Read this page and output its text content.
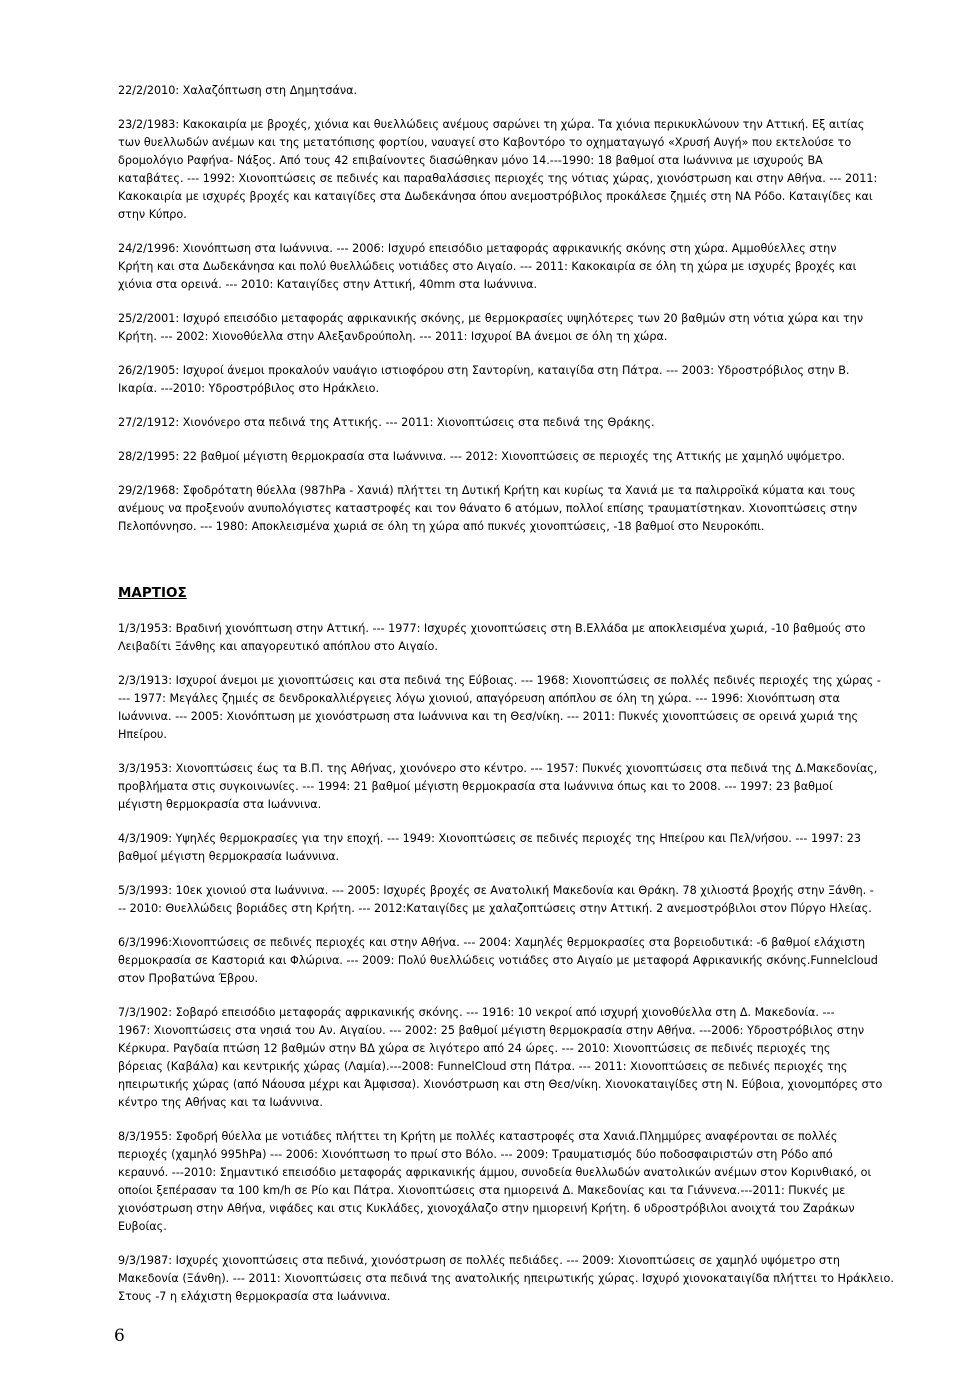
22/2/2010: Χαλαζόπτωση στη Δημητσάνα.
23/2/1983: Κακοκαιρία με βροχές, χιόνια και θυελλώδεις ανέμους σαρώνει τη χώρα. Τα χιόνια περικυκλώνουν την Αττική. Εξ αιτίας
των θυελλωδών ανέμων και της μετατόπισης φορτίου, ναυαγεί στο Καβοντόρο το οχηματαγωγό «Χρυσή Αυγή» που εκτελούσε το
δρομολόγιο Ραφήνα- Νάξος. Από τους 42 επιβαίνοντες διασώθηκαν μόνο 14.---1990: 18 βαθμοί στα Ιωάννινα με ισχυρούς ΒΑ
καταβάτες. --- 1992: Χιονοπτώσεις σε πεδινές και παραθαλάσσιες περιοχές της νότιας χώρας, χιονόστρωση και στην Αθήνα. --- 2011:
Κακοκαιρία με ισχυρές βροχές και καταιγίδες στα Δωδεκάνησα όπου ανεμοστρόβιλος προκάλεσε ζημιές στη ΝΑ Ρόδο. Καταιγίδες και
στην Κύπρο.
24/2/1996: Χιονόπτωση στα Ιωάννινα. --- 2006: Ισχυρό επεισόδιο μεταφοράς αφρικανικής σκόνης στη χώρα. Αμμοθύελλες στην
Κρήτη και στα Δωδεκάνησα και πολύ θυελλώδεις νοτιάδες στο Αιγαίο. --- 2011: Κακοκαιρία σε όλη τη χώρα με ισχυρές βροχές και
χιόνια στα ορεινά. --- 2010: Καταιγίδες στην Αττική, 40mm στα Ιωάννινα.
25/2/2001: Ισχυρό επεισόδιο μεταφοράς αφρικανικής σκόνης, με θερμοκρασίες υψηλότερες των 20 βαθμών στη νότια χώρα και την
Κρήτη. --- 2002: Χιονοθύελλα στην Αλεξανδρούπολη. --- 2011: Ισχυροί ΒΑ άνεμοι σε όλη τη χώρα.
26/2/1905: Ισχυροί άνεμοι προκαλούν ναυάγιο ιστιοφόρου στη Σαντορίνη, καταιγίδα στη Πάτρα. --- 2003: Υδροστρόβιλος στην Β.
Ικαρία. ---2010: Υδροστρόβιλος στο Ηράκλειο.
27/2/1912: Χιονόνερο στα πεδινά της Αττικής. --- 2011: Χιονοπτώσεις στα πεδινά της Θράκης.
28/2/1995: 22 βαθμοί μέγιστη θερμοκρασία στα Ιωάννινα. --- 2012: Χιονοπτώσεις σε περιοχές της Αττικής με χαμηλό υψόμετρο.
29/2/1968: Σφοδρότατη θύελλα (987hPa - Χανιά) πλήττει τη Δυτική Κρήτη και κυρίως τα Χανιά με τα παλιρροϊκά κύματα και τους
ανέμους να προξενούν ανυπολόγιστες καταστροφές και τον θάνατο 6 ατόμων, πολλοί επίσης τραυματίστηκαν. Χιονοπτώσεις στην
Πελοπόννησο. --- 1980: Αποκλεισμένα χωριά σε όλη τη χώρα από πυκνές χιονοπτώσεις, -18 βαθμοί στο Νευροκόπι.
ΜΑΡΤΙΟΣ
1/3/1953: Βραδινή χιονόπτωση στην Αττική. --- 1977: Ισχυρές χιονοπτώσεις στη Β.Ελλάδα με αποκλεισμένα χωριά, -10 βαθμούς στο
Λειβαδίτι Ξάνθης και απαγορευτικό απόπλου στο Αιγαίο.
2/3/1913: Ισχυροί άνεμοι με χιονοπτώσεις και στα πεδινά της Εύβοιας. --- 1968: Χιονοπτώσεις σε πολλές πεδινές περιοχές της χώρας -
--- 1977: Μεγάλες ζημιές σε δενδροκαλλιέργειες λόγω χιονιού, απαγόρευση απόπλου σε όλη τη χώρα. --- 1996: Χιονόπτωση στα
Ιωάννινα. --- 2005: Χιονόπτωση με χιονόστρωση στα Ιωάννινα και τη Θεσ/νίκη. --- 2011: Πυκνές χιονοπτώσεις σε ορεινά χωριά της
Ηπείρου.
3/3/1953: Χιονοπτώσεις έως τα Β.Π. της Αθήνας, χιονόνερο στο κέντρο. --- 1957: Πυκνές χιονοπτώσεις στα πεδινά της Δ.Μακεδονίας,
προβλήματα στις συγκοινωνίες. --- 1994: 21 βαθμοί μέγιστη θερμοκρασία στα Ιωάννινα όπως και το 2008. --- 1997: 23 βαθμοί
μέγιστη θερμοκρασία στα Ιωάννινα.
4/3/1909: Υψηλές θερμοκρασίες για την εποχή. --- 1949: Χιονοπτώσεις σε πεδινές περιοχές της Ηπείρου και Πελ/νήσου. --- 1997: 23
βαθμοί μέγιστη θερμοκρασία Ιωάννινα.
5/3/1993: 10εκ χιονιού στα Ιωάννινα. --- 2005: Ισχυρές βροχές σε Ανατολική Μακεδονία και Θράκη. 78 χιλιοστά βροχής στην Ξάνθη. -
-- 2010: Θυελλώδεις βοριάδες στη Κρήτη. --- 2012:Καταιγίδες με χαλαζοπτώσεις στην Αττική. 2 ανεμοστρόβιλοι στον Πύργο Ηλείας.
6/3/1996:Χιονοπτώσεις σε πεδινές περιοχές και στην Αθήνα. --- 2004: Χαμηλές θερμοκρασίες στα βορειοδυτικά: -6 βαθμοί ελάχιστη
θερμοκρασία σε Καστοριά και Φλώρινα. --- 2009: Πολύ θυελλώδεις νοτιάδες στο Αιγαίο με μεταφορά Αφρικανικής σκόνης.Funnelcloud
στον Προβατώνα Έβρου.
7/3/1902: Σοβαρό επεισόδιο μεταφοράς αφρικανικής σκόνης. --- 1916: 10 νεκροί από ισχυρή χιονοθύελλα στη Δ. Μακεδονία. ---
1967: Χιονοπτώσεις στα νησιά του Αν. Αιγαίου. --- 2002: 25 βαθμοί μέγιστη θερμοκρασία στην Αθήνα. ---2006: Υδροστρόβιλος στην
Κέρκυρα. Ραγδαία πτώση 12 βαθμών στην ΒΔ χώρα σε λιγότερο από 24 ώρες. --- 2010: Χιονοπτώσεις σε πεδινές περιοχές της
βόρειας (Καβάλα) και κεντρικής χώρας (Λαμία).---2008: FunnelCloud στη Πάτρα. --- 2011: Χιονοπτώσεις σε πεδινές περιοχές της
ηπειρωτικής χώρας (από Νάουσα μέχρι και Άμφισσα). Χιονόστρωση και στη Θεσ/νίκη. Χιονοκαταιγίδες στη Ν. Εύβοια, χιονομπόρες στο
κέντρο της Αθήνας και τα Ιωάννινα.
8/3/1955: Σφοδρή θύελλα με νοτιάδες πλήττει τη Κρήτη με πολλές καταστροφές στα Χανιά.Πλημμύρες αναφέρονται σε πολλές
περιοχές (χαμηλό 995hPa) --- 2006: Χιονόπτωση το πρωί στο Βόλο. --- 2009: Τραυματισμός δύο ποδοσφαιριστών στη Ρόδο από
κεραυνό. ---2010: Σημαντικό επεισόδιο μεταφοράς αφρικανικής άμμου, συνοδεία θυελλωδών ανατολικών ανέμων στον Κορινθιακό, οι
οποίοι ξεπέρασαν τα 100 km/h σε Ρίο και Πάτρα. Χιονοπτώσεις στα ημιορεινά Δ. Μακεδονίας και τα Γιάννενα.---2011: Πυκνές με
χιονόστρωση στην Αθήνα, νιφάδες και στις Κυκλάδες, χιονοχάλαζο στην ημιορεινή Κρήτη. 6 υδροστρόβιλοι ανοιχτά του Ζαράκων
Ευβοίας.
9/3/1987: Ισχυρές χιονοπτώσεις στα πεδινά, χιονόστρωση σε πολλές πεδιάδες. --- 2009: Χιονοπτώσεις σε χαμηλό υψόμετρο στη
Μακεδονία (Ξάνθη). --- 2011: Χιονοπτώσεις στα πεδινά της ανατολικής ηπειρωτικής χώρας. Ισχυρό χιονοκαταιγίδα πλήττει το Ηράκλειο.
Στους -7 η ελάχιστη θερμοκρασία στα Ιωάννινα.
6
